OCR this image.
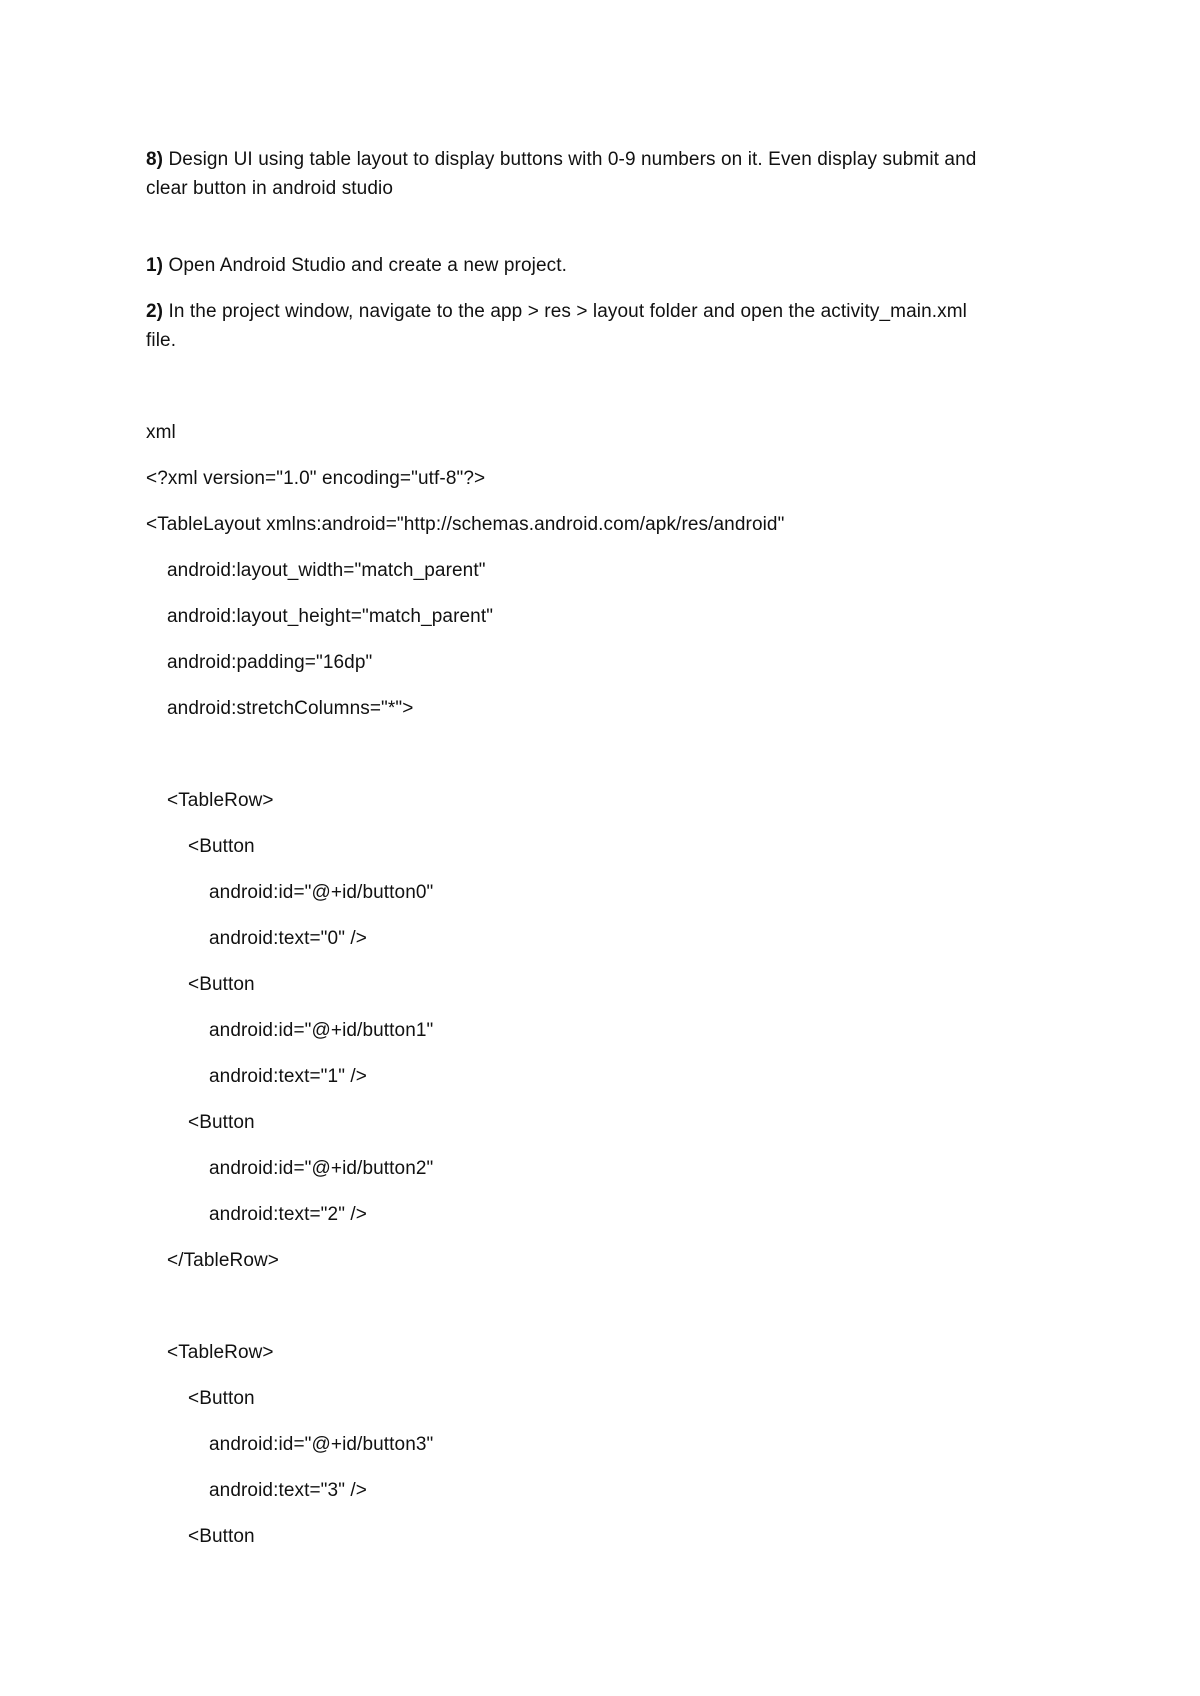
8) Design UI using table layout to display buttons with 0-9 numbers on it. Even display submit and
clear button in android studio
1) Open Android Studio and create a new project.
2) In the project window, navigate to the app > res > layout folder and open the activity_main.xml
file.
xml
<?xml version="1.0" encoding="utf-8"?>
<TableLayout xmlns:android="http://schemas.android.com/apk/res/android"
android:layout_width="match_parent"
android:layout_height="match_parent"
android:padding="16dp"
android:stretchColumns="*">
<TableRow>
<Button
android:id="@+id/button0"
android:text="0" />
<Button
android:id="@+id/button1"
android:text="1" />
<Button
android:id="@+id/button2"
android:text="2" />
</TableRow>
<TableRow>
<Button
android:id="@+id/button3"
android:text="3" />
<Button
